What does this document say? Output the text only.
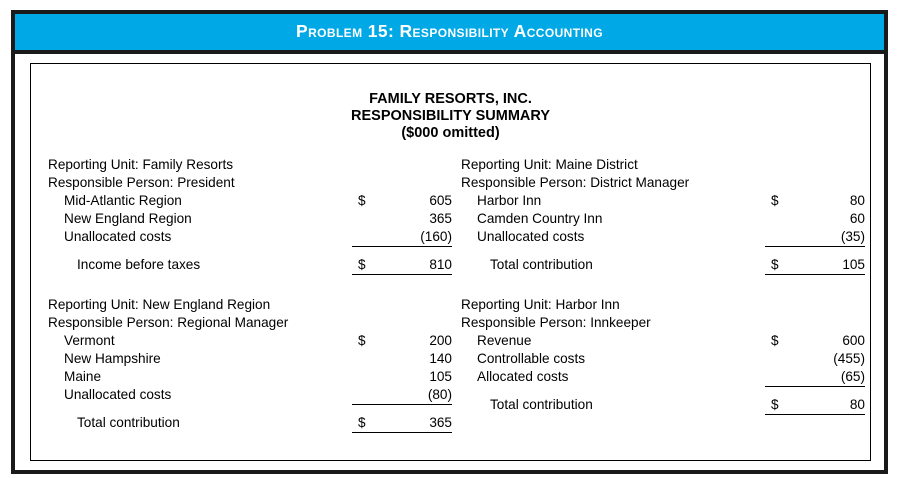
Problem 15: Responsibility Accounting
FAMILY RESORTS, INC.
RESPONSIBILITY SUMMARY
($000 omitted)
Reporting Unit: Family Resorts
Responsible Person: President
Mid-Atlantic Region	$	605
New England Region	365
Unallocated costs	(160)
Income before taxes	$	810
Reporting Unit: New England Region
Responsible Person: Regional Manager
Vermont	$	200
New Hampshire	140
Maine	105
Unallocated costs	(80)
Total contribution	$	365
Reporting Unit: Maine District
Responsible Person: District Manager
Harbor Inn	$	80
Camden Country Inn	60
Unallocated costs	(35)
Total contribution	$	105
Reporting Unit: Harbor Inn
Responsible Person: Innkeeper
Revenue	$	600
Controllable costs	(455)
Allocated costs	(65)
Total contribution	$	80
